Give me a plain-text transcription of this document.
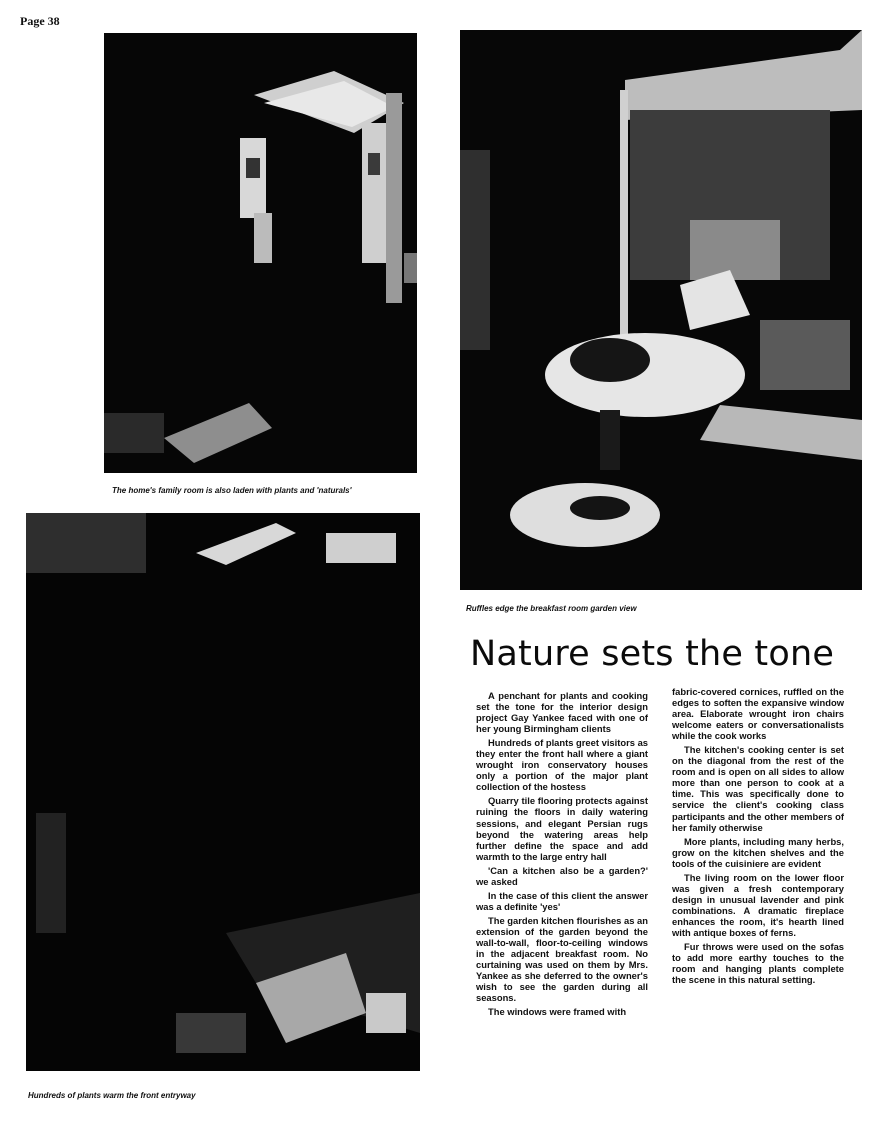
Page 38
The home's family room is also laden with plants and 'naturals'
Ruffles edge the breakfast room garden view
Hundreds of plants warm the front entryway
Nature sets the tone

A penchant for plants and cooking set the tone for the interior design project Gay Yankee faced with one of her young Birmingham clients

Hundreds of plants greet visitors as they enter the front hall where a giant wrought iron conservatory houses only a portion of the major plant collection of the hostess

Quarry tile flooring protects against ruining the floors in daily watering sessions, and elegant Persian rugs beyond the watering areas help further define the space and add warmth to the large entry hall

'Can a kitchen also be a garden?' we asked

In the case of this client the answer was a definite 'yes'

The garden kitchen flourishes as an extension of the garden beyond the wall-to-wall, floor-to-ceiling windows in the adjacent breakfast room. No curtaining was used on them by Mrs. Yankee as she deferred to the owner's wish to see the garden during all seasons.

The windows were framed with

fabric-covered cornices, ruffled on the edges to soften the expansive window area. Elaborate wrought iron chairs welcome eaters or conversationalists while the cook works

The kitchen's cooking center is set on the diagonal from the rest of the room and is open on all sides to allow more than one person to cook at a time. This was specifically done to service the client's cooking class participants and the other members of her family otherwise

More plants, including many herbs, grow on the kitchen shelves and the tools of the cuisiniere are evident

The living room on the lower floor was given a fresh contemporary design in unusual lavender and pink combinations. A dramatic fireplace enhances the room, it's hearth lined with antique boxes of ferns.

Fur throws were used on the sofas to add more earthy touches to the room and hanging plants complete the scene in this natural setting.
